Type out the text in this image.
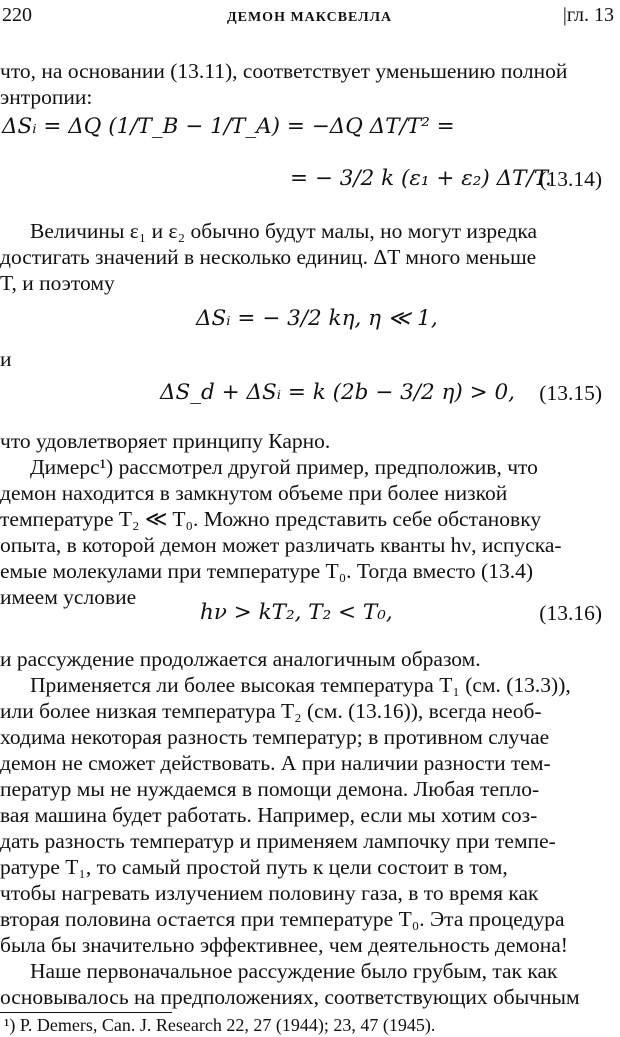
220	ДЕМОН МАКСВЕЛЛА	|гл. 13
что, на основании (13.11), соответствует уменьшению полной
энтропии:
ΔSᵢ = ΔQ (1/T_B − 1/T_A) = −ΔQ ΔT/T² =
= − 3/2 k (ε₁ + ε₂) ΔT/T.
(13.14)
Величины ε₁ и ε₂ обычно будут малы, но могут изредка
достигать значений в несколько единиц. ΔT много меньше
T, и поэтому
ΔSᵢ = − 3/2 kη, η ≪ 1,
и
ΔS_d + ΔSᵢ = k (2b − 3/2 η) > 0, (13.15)
что удовлетворяет принципу Карно.
Димерс¹) рассмотрел другой пример, предположив, что
демон находится в замкнутом объеме при более низкой
температуре T₂ ≪ T₀. Можно представить себе обстановку
опыта, в которой демон может различать кванты hν, испуска-
емые молекулами при температуре T₀. Тогда вместо (13.4)
имеем условие
hν > kT₂, T₂ < T₀,	(13.16)
и рассуждение продолжается аналогичным образом.
Применяется ли более высокая температура T₁ (см. (13.3)),
или более низкая температура T₂ (см. (13.16)), всегда необ-
ходима некоторая разность температур; в противном случае
демон не сможет действовать. А при наличии разности тем-
ператур мы не нуждаемся в помощи демона. Любая тепло-
вая машина будет работать. Например, если мы хотим соз-
дать разность температур и применяем лампочку при темпе-
ратуре T₁, то самый простой путь к цели состоит в том,
чтобы нагревать излучением половину газа, в то время как
вторая половина остается при температуре T₀. Эта процедура
была бы значительно эффективнее, чем деятельность демона!
Наше первоначальное рассуждение было грубым, так как
основывалось на предположениях, соответствующих обычным
¹) P. Demers, Can. J. Research 22, 27 (1944); 23, 47 (1945).
